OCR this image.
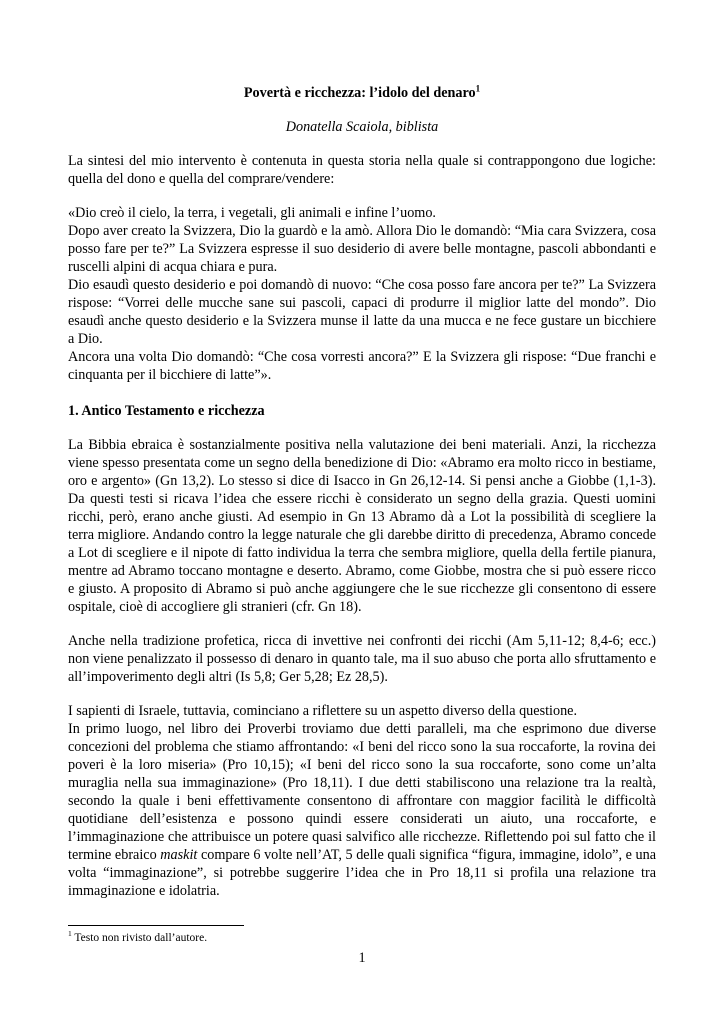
Povertà e ricchezza: l’idolo del denaro$^1$

Donatella Scaiola, biblista

La sintesi del mio intervento è contenuta in questa storia nella quale si contrappongono due logiche: quella del dono e quella del comprare/vendere:

«Dio creò il cielo, la terra, i vegetali, gli animali e infine l’uomo.

Dopo aver creato la Svizzera, Dio la guardò e la amò. Allora Dio le domandò: “Mia cara Svizzera, cosa posso fare per te?” La Svizzera espresse il suo desiderio di avere belle montagne, pascoli abbondanti e ruscelli alpini di acqua chiara e pura.

Dio esaudì questo desiderio e poi domandò di nuovo: “Che cosa posso fare ancora per te?” La Svizzera rispose: “Vorrei delle mucche sane sui pascoli, capaci di produrre il miglior latte del mondo”. Dio esaudì anche questo desiderio e la Svizzera munse il latte da una mucca e ne fece gustare un bicchiere a Dio.

Ancora una volta Dio domandò: “Che cosa vorresti ancora?” E la Svizzera gli rispose: “Due franchi e cinquanta per il bicchiere di latte”».

1. Antico Testamento e ricchezza

La Bibbia ebraica è sostanzialmente positiva nella valutazione dei beni materiali. Anzi, la ricchezza viene spesso presentata come un segno della benedizione di Dio: «Abramo era molto ricco in bestiame, oro e argento» (Gn 13,2). Lo stesso si dice di Isacco in Gn 26,12-14. Si pensi anche a Giobbe (1,1-3). Da questi testi si ricava l’idea che essere ricchi è considerato un segno della grazia. Questi uomini ricchi, però, erano anche giusti. Ad esempio in Gn 13 Abramo dà a Lot la possibilità di scegliere la terra migliore. Andando contro la legge naturale che gli darebbe diritto di precedenza, Abramo concede a Lot di scegliere e il nipote di fatto individua la terra che sembra migliore, quella della fertile pianura, mentre ad Abramo toccano montagne e deserto. Abramo, come Giobbe, mostra che si può essere ricco e giusto. A proposito di Abramo si può anche aggiungere che le sue ricchezze gli consentono di essere ospitale, cioè di accogliere gli stranieri (cfr. Gn 18).

Anche nella tradizione profetica, ricca di invettive nei confronti dei ricchi (Am 5,11-12; 8,4-6; ecc.) non viene penalizzato il possesso di denaro in quanto tale, ma il suo abuso che porta allo sfruttamento e all’impoverimento degli altri (Is 5,8; Ger 5,28; Ez 28,5).

I sapienti di Israele, tuttavia, cominciano a riflettere su un aspetto diverso della questione.

In primo luogo, nel libro dei Proverbi troviamo due detti paralleli, ma che esprimono due diverse concezioni del problema che stiamo affrontando: «I beni del ricco sono la sua roccaforte, la rovina dei poveri è la loro miseria» (Pro 10,15); «I beni del ricco sono la sua roccaforte, sono come un’alta muraglia nella sua immaginazione» (Pro 18,11). I due detti stabiliscono una relazione tra la realtà, secondo la quale i beni effettivamente consentono di affrontare con maggior facilità le difficoltà quotidiane dell’esistenza e possono quindi essere considerati un aiuto, una roccaforte, e l’immaginazione che attribuisce un potere quasi salvifico alle ricchezze. Riflettendo poi sul fatto che il termine ebraico maskit compare 6 volte nell’AT, 5 delle quali significa “figura, immagine, idolo”, e una volta “immaginazione”, si potrebbe suggerire l’idea che in Pro 18,11 si profila una relazione tra immaginazione e idolatria.

$^1$ Testo non rivisto dall’autore.
1
